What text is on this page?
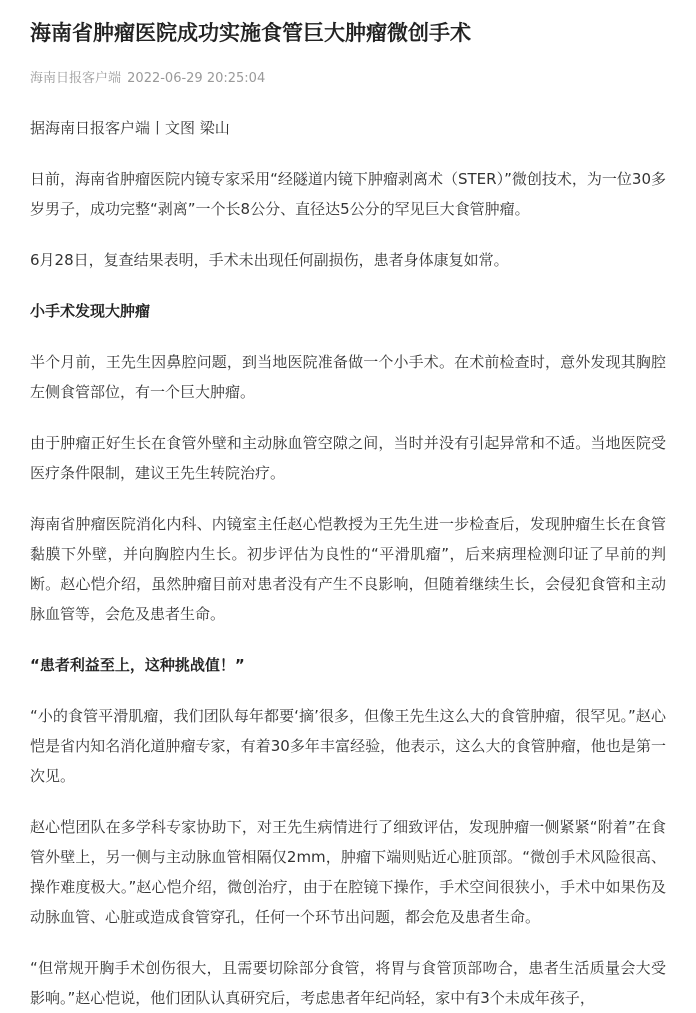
海南省肿瘤医院成功实施食管巨大肿瘤微创手术
海南日报客户端 2022-06-29 20:25:04

据海南日报客户端丨文图 梁山

日前，海南省肿瘤医院内镜专家采用“经隧道内镜下肿瘤剥离术（STER）”微创技术，为一位30多岁男子，成功完整“剥离”一个长8公分、直径达5公分的罕见巨大食管肿瘤。

6月28日，复查结果表明，手术未出现任何副损伤，患者身体康复如常。

小手术发现大肿瘤

半个月前，王先生因鼻腔问题，到当地医院准备做一个小手术。在术前检查时，意外发现其胸腔左侧食管部位，有一个巨大肿瘤。

由于肿瘤正好生长在食管外壁和主动脉血管空隙之间，当时并没有引起异常和不适。当地医院受医疗条件限制，建议王先生转院治疗。

海南省肿瘤医院消化内科、内镜室主任赵心恺教授为王先生进一步检查后，发现肿瘤生长在食管黏膜下外壁，并向胸腔内生长。初步评估为良性的“平滑肌瘤”，后来病理检测印证了早前的判断。赵心恺介绍，虽然肿瘤目前对患者没有产生不良影响，但随着继续生长，会侵犯食管和主动脉血管等，会危及患者生命。

“患者利益至上，这种挑战值！”

“小的食管平滑肌瘤，我们团队每年都要‘摘’很多，但像王先生这么大的食管肿瘤，很罕见。”赵心恺是省内知名消化道肿瘤专家，有着30多年丰富经验，他表示，这么大的食管肿瘤，他也是第一次见。

赵心恺团队在多学科专家协助下，对王先生病情进行了细致评估，发现肿瘤一侧紧紧“附着”在食管外壁上，另一侧与主动脉血管相隔仅2mm，肿瘤下端则贴近心脏顶部。“微创手术风险很高、操作难度极大。”赵心恺介绍，微创治疗，由于在腔镜下操作，手术空间很狭小，手术中如果伤及动脉血管、心脏或造成食管穿孔，任何一个环节出问题，都会危及患者生命。

“但常规开胸手术创伤很大，且需要切除部分食管，将胃与食管顶部吻合，患者生活质量会大受影响。”赵心恺说，他们团队认真研究后，考虑患者年纪尚轻，家中有3个未成年孩子，
